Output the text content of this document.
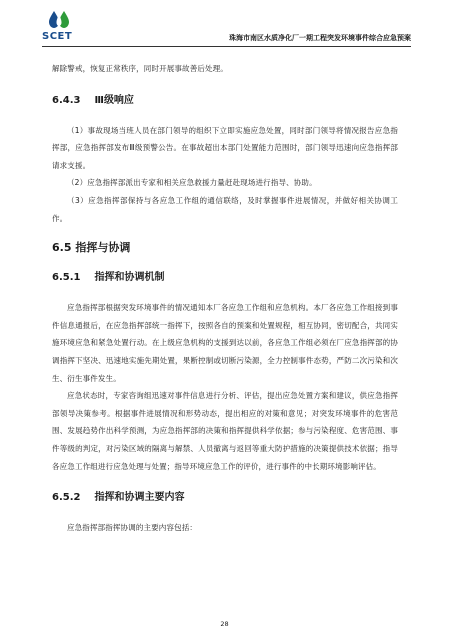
SCET	珠海市南区水质净化厂一期工程突发环境事件综合应急预案

解除警戒，恢复正常秩序，同时开展事故善后处理。

6.4.3 Ⅲ级响应

（1）事故现场当班人员在部门领导的组织下立即实施应急处置，同时部门领导将情况报告应急指挥部，应急指挥部发布Ⅲ级预警公告。在事故超出本部门处置能力范围时，部门领导迅速向应急指挥部请求支援。

（2）应急指挥部派出专家和相关应急救援力量赶赴现场进行指导、协助。

（3）应急指挥部保持与各应急工作组的通信联络，及时掌握事件进展情况，并做好相关协调工作。

6.5 指挥与协调
6.5.1 指挥和协调机制

应急指挥部根据突发环境事件的情况通知本厂各应急工作组和应急机构。本厂各应急工作组接到事件信息通报后，在应急指挥部统一指挥下，按照各自的预案和处置规程，相互协同，密切配合，共同实施环境应急和紧急处置行动。在上级应急机构的支援到达以前，各应急工作组必须在厂应急指挥部的协调指挥下坚决、迅速地实施先期处置，果断控制或切断污染源，全力控制事件态势，严防二次污染和次生、衍生事件发生。

应急状态时，专家咨询组迅速对事件信息进行分析、评估，提出应急处置方案和建议，供应急指挥部领导决策参考。根据事件进展情况和形势动态，提出相应的对策和意见；对突发环境事件的危害范围、发展趋势作出科学预测，为应急指挥部的决策和指挥提供科学依据；参与污染程度、危害范围、事件等级的判定，对污染区域的隔离与解禁、人员撤离与返回等重大防护措施的决策提供技术依据；指导各应急工作组进行应急处理与处置；指导环境应急工作的评价，进行事件的中长期环境影响评估。

6.5.2 指挥和协调主要内容

应急指挥部指挥协调的主要内容包括：

28
